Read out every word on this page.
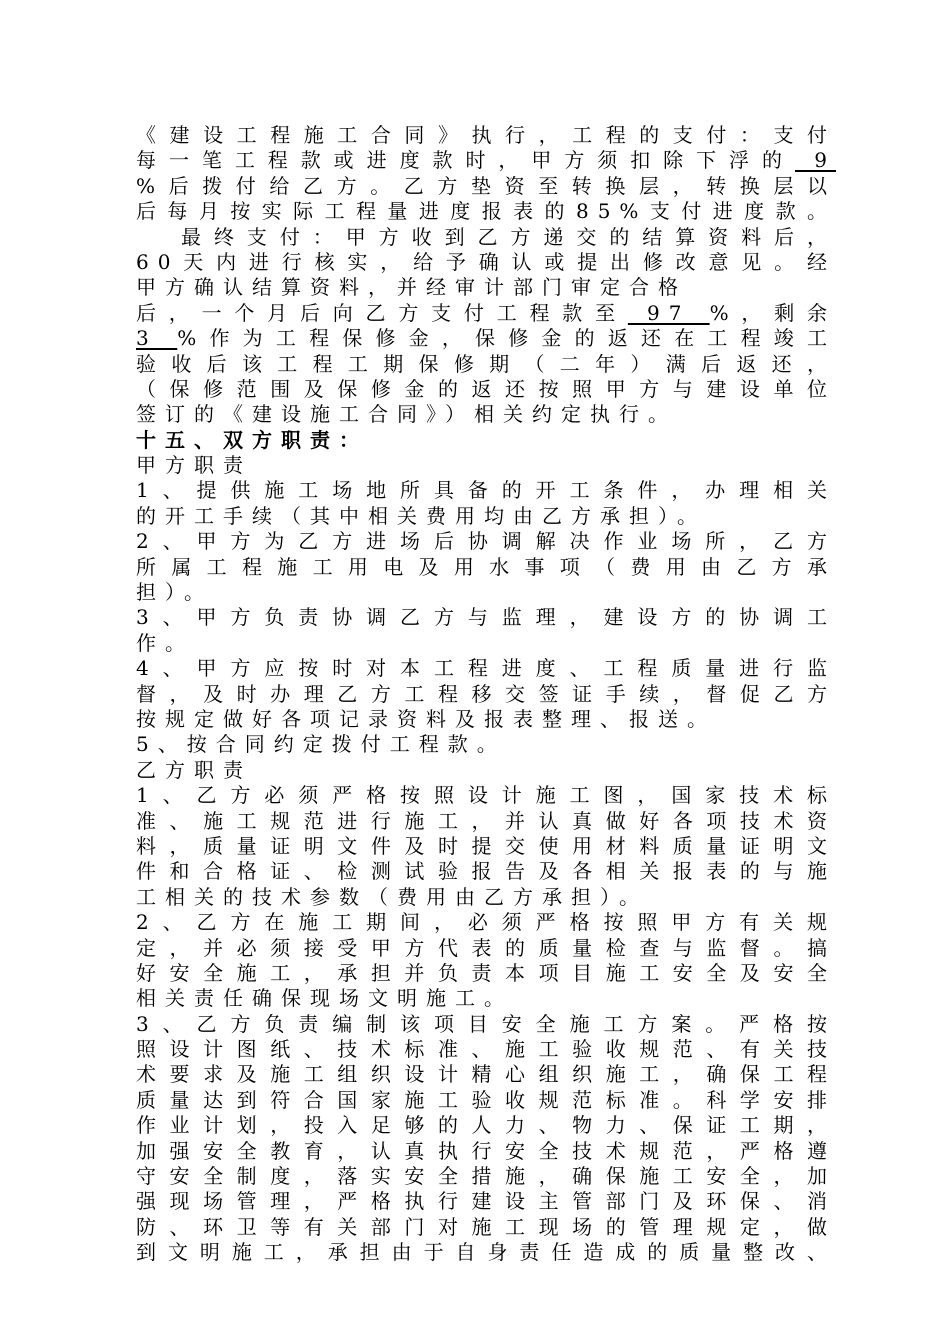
《建设工程施工合同》执行，工程的支付：支付
每一笔工程款或进度款时，甲方须扣除下浮的 9
%后拨付给乙方。乙方垫资至转换层，转换层以
后每月按实际工程量进度报表的85%支付进度款。
最终支付：甲方收到乙方递交的结算资料后，
60天内进行核实，给予确认或提出修改意见。经
甲方确认结算资料，并经审计部门审定合格
后，一个月后向乙方支付工程款至 97 %，剩余
3 %作为工程保修金，保修金的返还在工程竣工
验收后该工程工期保修期（二年）满后返还，
（保修范围及保修金的返还按照甲方与建设单位
签订的《建设施工合同》）相关约定执行。
十五、双方职责：
甲方职责
1、提供施工场地所具备的开工条件，办理相关
的开工手续（其中相关费用均由乙方承担）。
2、甲方为乙方进场后协调解决作业场所，乙方
所属工程施工用电及用水事项（费用由乙方承
担）。
3、甲方负责协调乙方与监理，建设方的协调工
作。
4、甲方应按时对本工程进度、工程质量进行监
督，及时办理乙方工程移交签证手续，督促乙方
按规定做好各项记录资料及报表整理、报送。
5、按合同约定拨付工程款。
乙方职责
1、乙方必须严格按照设计施工图，国家技术标
准、施工规范进行施工，并认真做好各项技术资
料，质量证明文件及时提交使用材料质量证明文
件和合格证、检测试验报告及各相关报表的与施
工相关的技术参数（费用由乙方承担）。
2、乙方在施工期间，必须严格按照甲方有关规
定，并必须接受甲方代表的质量检查与监督。搞
好安全施工，承担并负责本项目施工安全及安全
相关责任确保现场文明施工。
3、乙方负责编制该项目安全施工方案。严格按
照设计图纸、技术标准、施工验收规范、有关技
术要求及施工组织设计精心组织施工，确保工程
质量达到符合国家施工验收规范标准。科学安排
作业计划，投入足够的人力、物力、保证工期，
加强安全教育，认真执行安全技术规范，严格遵
守安全制度，落实安全措施，确保施工安全，加
强现场管理，严格执行建设主管部门及环保、消
防、环卫等有关部门对施工现场的管理规定，做
到文明施工，承担由于自身责任造成的质量整改、
